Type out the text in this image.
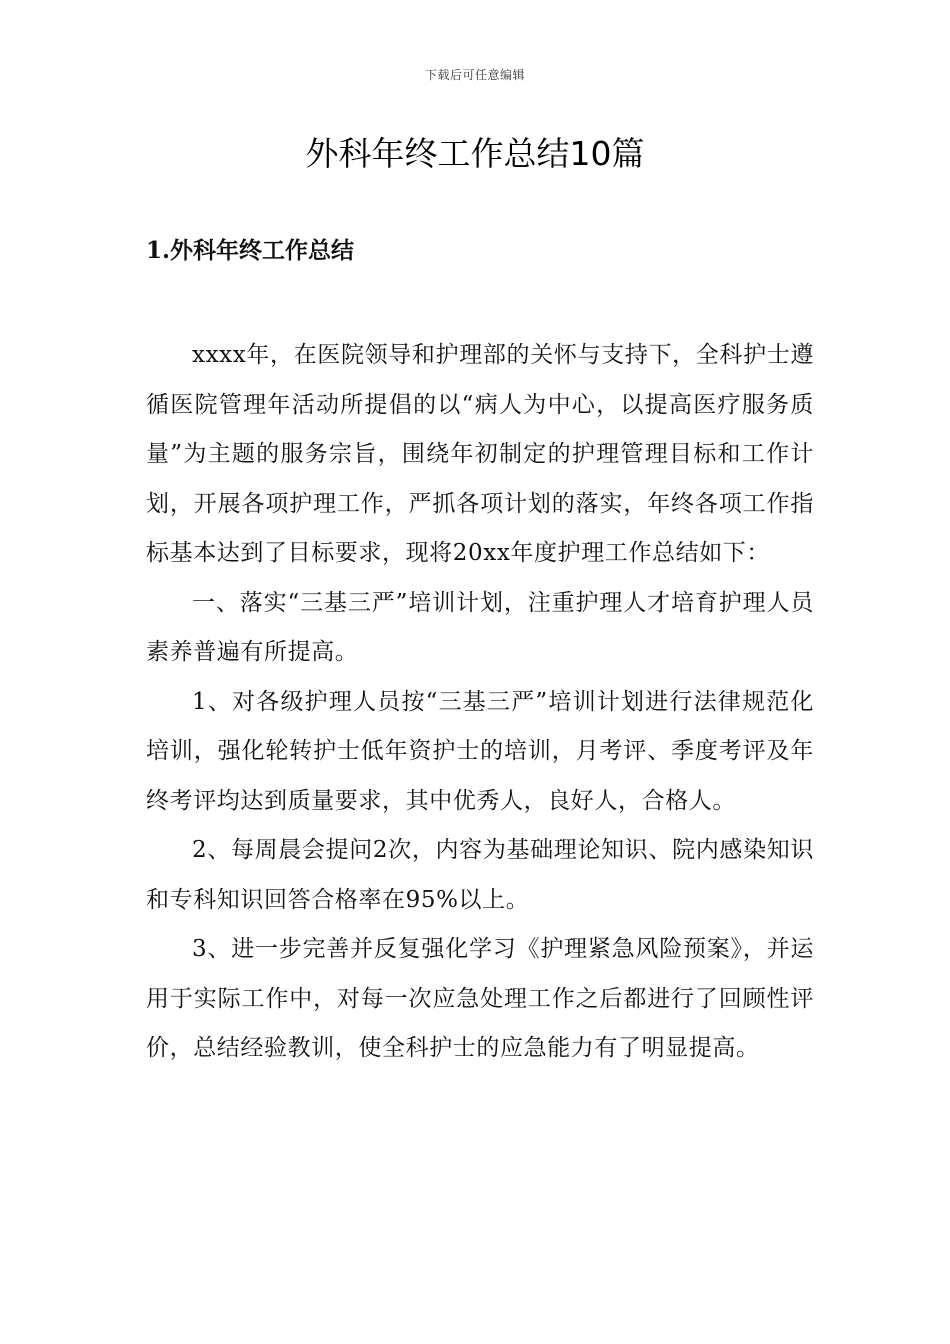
下载后可任意编辑
外科年终工作总结10篇
1.外科年终工作总结

xxxx年，在医院领导和护理部的关怀与支持下，全科护士遵循医院管理年活动所提倡的以“病人为中心，以提高医疗服务质量”为主题的服务宗旨，围绕年初制定的护理管理目标和工作计划，开展各项护理工作，严抓各项计划的落实，年终各项工作指标基本达到了目标要求，现将20xx年度护理工作总结如下：

一、落实“三基三严”培训计划，注重护理人才培育护理人员素养普遍有所提高。

1、对各级护理人员按“三基三严”培训计划进行法律规范化培训，强化轮转护士低年资护士的培训，月考评、季度考评及年终考评均达到质量要求，其中优秀人，良好人，合格人。

2、每周晨会提问2次，内容为基础理论知识、院内感染知识和专科知识回答合格率在95%以上。

3、进一步完善并反复强化学习《护理紧急风险预案》，并运用于实际工作中，对每一次应急处理工作之后都进行了回顾性评价，总结经验教训，使全科护士的应急能力有了明显提高。
